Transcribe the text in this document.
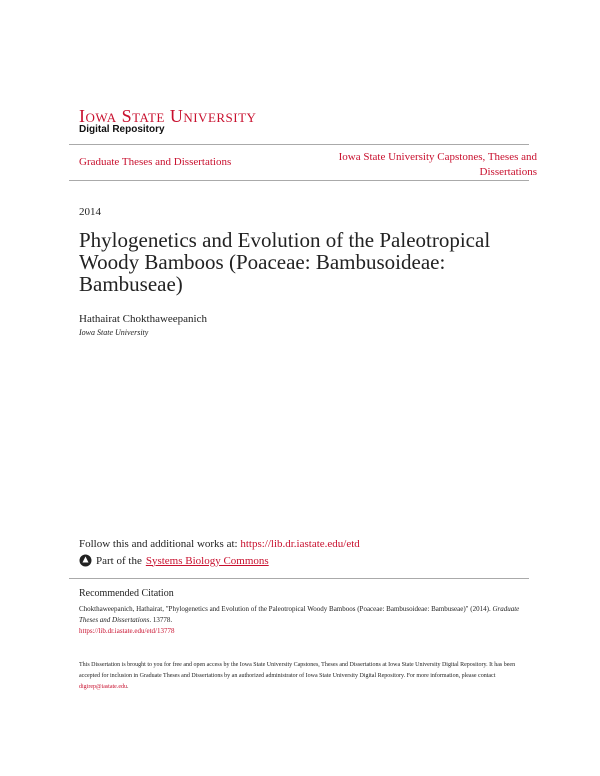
Iowa State University
Digital Repository
Graduate Theses and Dissertations	Iowa State University Capstones, Theses and Dissertations
2014
Phylogenetics and Evolution of the Paleotropical Woody Bamboos (Poaceae: Bambusoideae: Bambuseae)
Hathairat Chokthaweepanich
Iowa State University
Follow this and additional works at: https://lib.dr.iastate.edu/etd
Part of the Systems Biology Commons
Recommended Citation
Chokthaweepanich, Hathairat, "Phylogenetics and Evolution of the Paleotropical Woody Bamboos (Poaceae: Bambusoideae: Bambuseae)" (2014). Graduate Theses and Dissertations. 13778.
https://lib.dr.iastate.edu/etd/13778
This Dissertation is brought to you for free and open access by the Iowa State University Capstones, Theses and Dissertations at Iowa State University Digital Repository. It has been accepted for inclusion in Graduate Theses and Dissertations by an authorized administrator of Iowa State University Digital Repository. For more information, please contact digirep@iastate.edu.
